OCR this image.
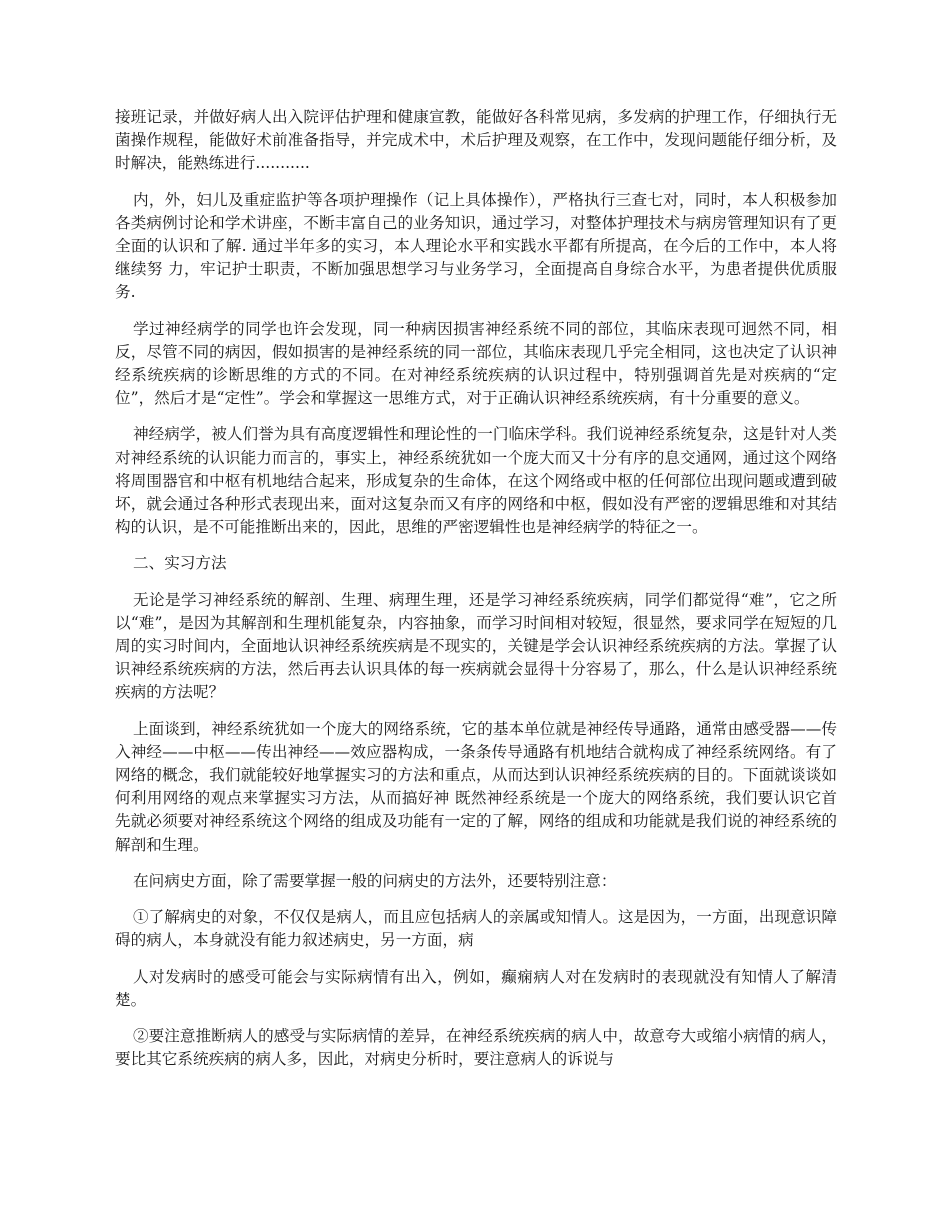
接班记录，并做好病人出入院评估护理和健康宣教，能做好各科常见病，多发病的护理工作，仔细执行无菌操作规程，能做好术前准备指导，并完成术中，术后护理及观察，在工作中，发现问题能仔细分析，及时解决，能熟练进行...........

内，外，妇儿及重症监护等各项护理操作（记上具体操作），严格执行三查七对，同时，本人积极参加各类病例讨论和学术讲座，不断丰富自己的业务知识，通过学习，对整体护理技术与病房管理知识有了更全面的认识和了解. 通过半年多的实习，本人理论水平和实践水平都有所提高，在今后的工作中，本人将继续努 力，牢记护士职责，不断加强思想学习与业务学习，全面提高自身综合水平，为患者提供优质服务.

学过神经病学的同学也许会发现，同一种病因损害神经系统不同的部位，其临床表现可迥然不同，相反，尽管不同的病因，假如损害的是神经系统的同一部位，其临床表现几乎完全相同，这也决定了认识神经系统疾病的诊断思维的方式的不同。在对神经系统疾病的认识过程中，特别强调首先是对疾病的“定位”，然后才是“定性”。学会和掌握这一思维方式，对于正确认识神经系统疾病，有十分重要的意义。

神经病学，被人们誉为具有高度逻辑性和理论性的一门临床学科。我们说神经系统复杂，这是针对人类对神经系统的认识能力而言的，事实上，神经系统犹如一个庞大而又十分有序的息交通网，通过这个网络将周围器官和中枢有机地结合起来，形成复杂的生命体，在这个网络或中枢的任何部位出现问题或遭到破坏，就会通过各种形式表现出来，面对这复杂而又有序的网络和中枢，假如没有严密的逻辑思维和对其结构的认识，是不可能推断出来的，因此，思维的严密逻辑性也是神经病学的特征之一。

二、实习方法

无论是学习神经系统的解剖、生理、病理生理，还是学习神经系统疾病，同学们都觉得“难”，它之所以“难”，是因为其解剖和生理机能复杂，内容抽象，而学习时间相对较短，很显然，要求同学在短短的几周的实习时间内，全面地认识神经系统疾病是不现实的，关键是学会认识神经系统疾病的方法。掌握了认识神经系统疾病的方法，然后再去认识具体的每一疾病就会显得十分容易了，那么，什么是认识神经系统疾病的方法呢？

上面谈到，神经系统犹如一个庞大的网络系统，它的基本单位就是神经传导通路，通常由感受器——传入神经——中枢——传出神经——效应器构成，一条条传导通路有机地结合就构成了神经系统网络。有了网络的概念，我们就能较好地掌握实习的方法和重点，从而达到认识神经系统疾病的目的。下面就谈谈如何利用网络的观点来掌握实习方法，从而搞好神 既然神经系统是一个庞大的网络系统，我们要认识它首先就必须要对神经系统这个网络的组成及功能有一定的了解，网络的组成和功能就是我们说的神经系统的解剖和生理。

在问病史方面，除了需要掌握一般的问病史的方法外，还要特别注意：

①了解病史的对象，不仅仅是病人，而且应包括病人的亲属或知情人。这是因为，一方面，出现意识障碍的病人，本身就没有能力叙述病史，另一方面，病

人对发病时的感受可能会与实际病情有出入，例如，癫痫病人对在发病时的表现就没有知情人了解清楚。

②要注意推断病人的感受与实际病情的差异，在神经系统疾病的病人中，故意夸大或缩小病情的病人，要比其它系统疾病的病人多，因此，对病史分析时，要注意病人的诉说与
